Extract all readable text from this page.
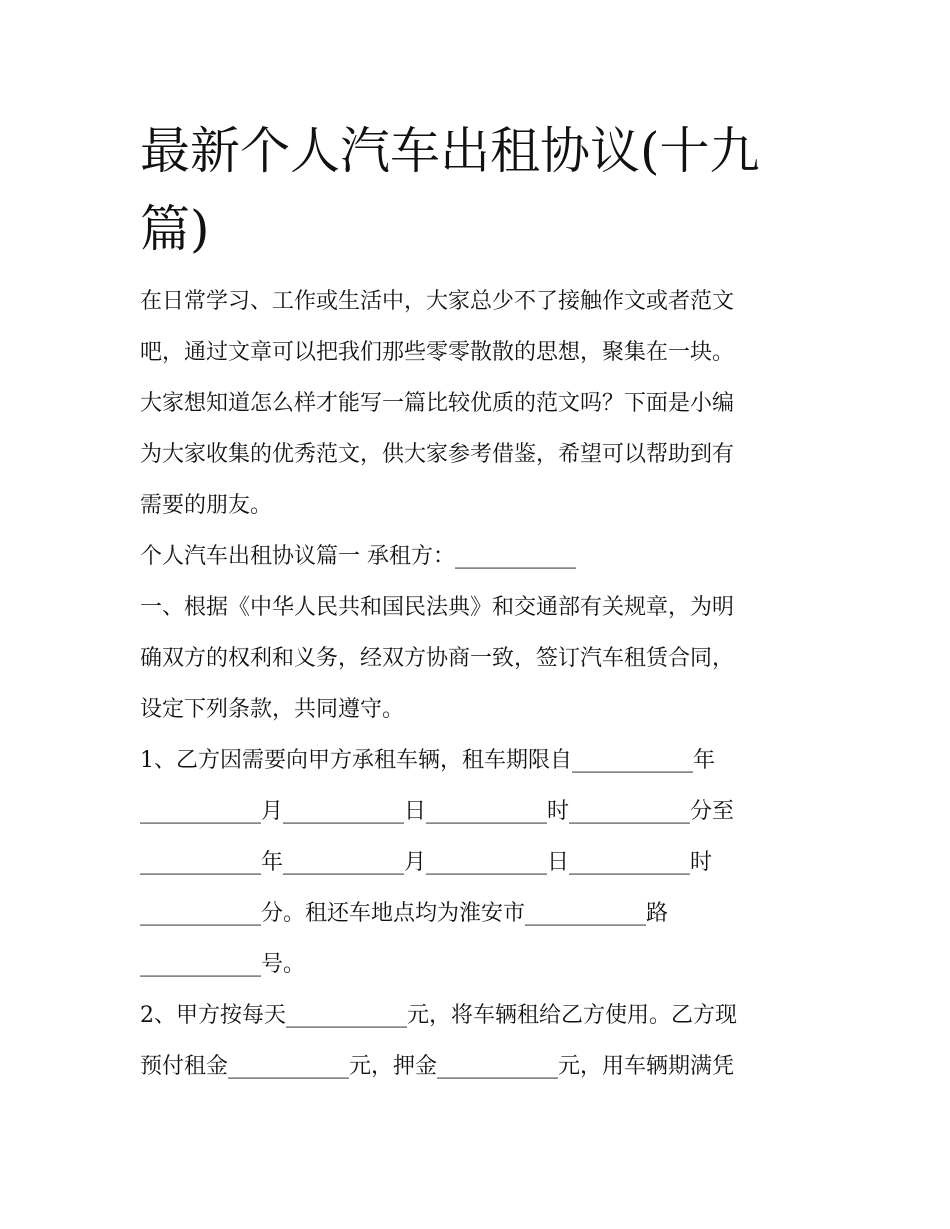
最新个人汽车出租协议(十九
篇)

在日常学习、工作或生活中，大家总少不了接触作文或者范文

吧，通过文章可以把我们那些零零散散的思想，聚集在一块。

大家想知道怎么样才能写一篇比较优质的范文吗？下面是小编

为大家收集的优秀范文，供大家参考借鉴，希望可以帮助到有

需要的朋友。

个人汽车出租协议篇一 承租方：___________

一、根据《中华人民共和国民法典》和交通部有关规章，为明

确双方的权利和义务，经双方协商一致，签订汽车租赁合同，

设定下列条款，共同遵守。

1、乙方因需要向甲方承租车辆，租车期限自___________年

___________月___________日___________时___________分至

___________年___________月___________日___________时

___________分。租还车地点均为淮安市___________路

___________号。

2、甲方按每天___________元，将车辆租给乙方使用。乙方现

预付租金___________元，押金___________元，用车辆期满凭
